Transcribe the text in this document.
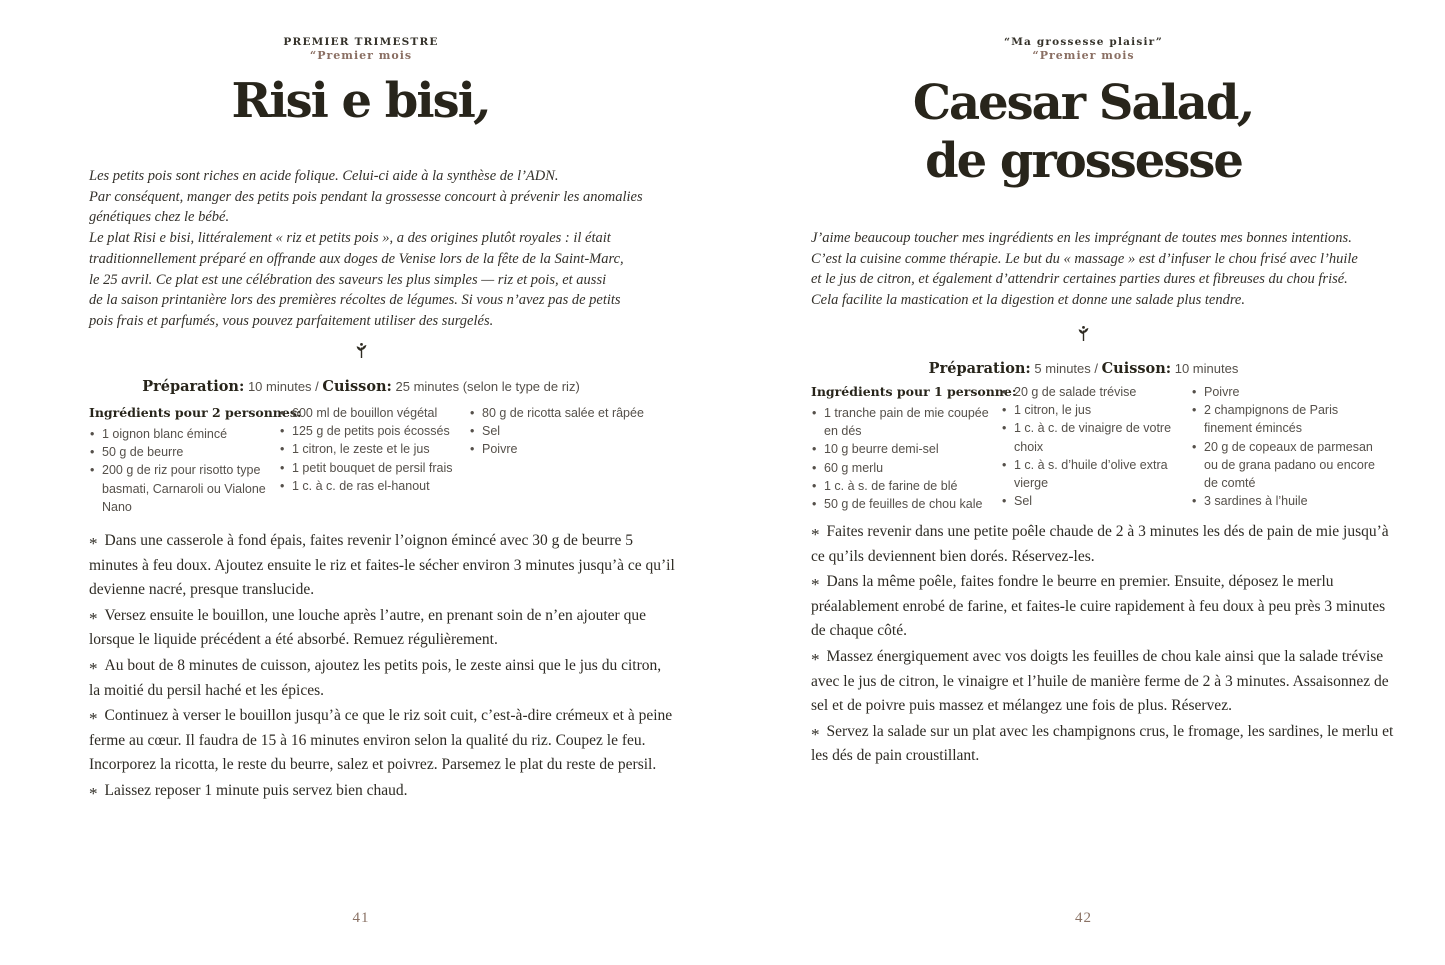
PREMIER TRIMESTRE
“Premier mois
Risi e bisi,
Les petits pois sont riches en acide folique. Celui-ci aide à la synthèse de l’ADN.
Par conséquent, manger des petits pois pendant la grossesse concourt à prévenir les anomalies
génétiques chez le bébé.
Le plat Risi e bisi, littéralement « riz et petits pois », a des origines plutôt royales : il était
traditionnellement préparé en offrande aux doges de Venise lors de la fête de la Saint-Marc,
le 25 avril. Ce plat est une célébration des saveurs les plus simples — riz et pois, et aussi
de la saison printanière lors des premières récoltes de légumes. Si vous n’avez pas de petits
pois frais et parfumés, vous pouvez parfaitement utiliser des surgelés.
Préparation: 10 minutes / Cuisson: 25 minutes (selon le type de riz)
Ingrédients pour 2 personnes:
• 1 oignon blanc émincé
• 50 g de beurre
• 200 g de riz pour risotto type basmati, Carnaroli ou Vialone Nano
• 600 ml de bouillon végétal
• 125 g de petits pois écossés
• 1 citron, le zeste et le jus
• 1 petit bouquet de persil frais
• 1 c. à c. de ras el-hanout
• 80 g de ricotta salée et râpée
• Sel
• Poivre
* Dans une casserole à fond épais, faites revenir l’oignon émincé avec 30 g de beurre 5 minutes à feu doux. Ajoutez ensuite le riz et faites-le sécher environ 3 minutes jusqu’à ce qu’il devienne nacré, presque translucide.
* Versez ensuite le bouillon, une louche après l’autre, en prenant soin de n’en ajouter que lorsque le liquide précédent a été absorbé. Remuez régulièrement.
* Au bout de 8 minutes de cuisson, ajoutez les petits pois, le zeste ainsi que le jus du citron, la moitié du persil haché et les épices.
* Continuez à verser le bouillon jusqu’à ce que le riz soit cuit, c’est-à-dire crémeux et à peine ferme au cœur. Il faudra de 15 à 16 minutes environ selon la qualité du riz. Coupez le feu. Incorporez la ricotta, le reste du beurre, salez et poivrez. Parsemez le plat du reste de persil.
* Laissez reposer 1 minute puis servez bien chaud.
41
“Ma grossesse plaisir”
“Premier mois
Caesar Salad,
de grossesse
J’aime beaucoup toucher mes ingrédients en les imprégnant de toutes mes bonnes intentions.
C’est la cuisine comme thérapie. Le but du « massage » est d’infuser le chou frisé avec l’huile
et le jus de citron, et également d’attendrir certaines parties dures et fibreuses du chou frisé.
Cela facilite la mastication et la digestion et donne une salade plus tendre.
Préparation: 5 minutes / Cuisson: 10 minutes
Ingrédients pour 1 personne:
• 1 tranche pain de mie coupée en dés
• 10 g beurre demi-sel
• 60 g merlu
• 1 c. à s. de farine de blé
• 50 g de feuilles de chou kale
• 20 g de salade trévise
• 1 citron, le jus
• 1 c. à c. de vinaigre de votre choix
• 1 c. à s. d’huile d’olive extra vierge
• Sel
• Poivre
• 2 champignons de Paris finement émincés
• 20 g de copeaux de parmesan ou de grana padano ou encore de comté
• 3 sardines à l’huile
* Faites revenir dans une petite poêle chaude de 2 à 3 minutes les dés de pain de mie jusqu’à ce qu’ils deviennent bien dorés. Réservez-les.
* Dans la même poêle, faites fondre le beurre en premier. Ensuite, déposez le merlu préalablement enrobé de farine, et faites-le cuire rapidement à feu doux à peu près 3 minutes de chaque côté.
* Massez énergiquement avec vos doigts les feuilles de chou kale ainsi que la salade trévise avec le jus de citron, le vinaigre et l’huile de manière ferme de 2 à 3 minutes. Assaisonnez de sel et de poivre puis massez et mélangez une fois de plus. Réservez.
* Servez la salade sur un plat avec les champignons crus, le fromage, les sardines, le merlu et les dés de pain croustillant.
42
